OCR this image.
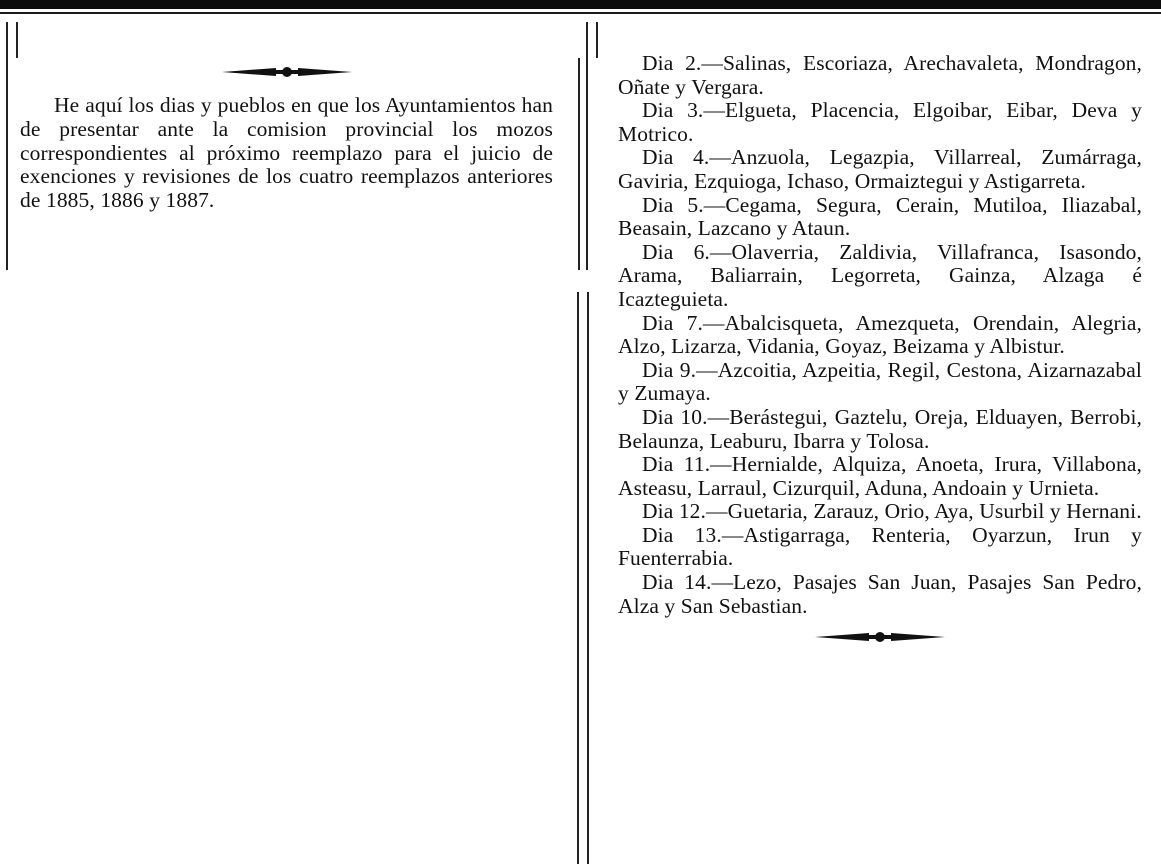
He aquí los dias y pueblos en que los Ayuntamientos han de presentar ante la comision provincial los mozos correspondientes al próximo reemplazo para el juicio de exenciones y revisiones de los cuatro reemplazos anteriores de 1885, 1886 y 1887.

Dia 2.—Salinas, Escoriaza, Arechavaleta, Mondragon, Oñate y Vergara.

Dia 3.—Elgueta, Placencia, Elgoibar, Eibar, Deva y Motrico.

Dia 4.—Anzuola, Legazpia, Villarreal, Zumárraga, Gaviria, Ezquioga, Ichaso, Ormaiztegui y Astigarreta.

Dia 5.—Cegama, Segura, Cerain, Mutiloa, Iliazabal, Beasain, Lazcano y Ataun.

Dia 6.—Olaverria, Zaldivia, Villafranca, Isasondo, Arama, Baliarrain, Legorreta, Gainza, Alzaga é Icazteguieta.

Dia 7.—Abalcisqueta, Amezqueta, Orendain, Alegria, Alzo, Lizarza, Vidania, Goyaz, Beizama y Albistur.

Dia 9.—Azcoitia, Azpeitia, Regil, Cestona, Aizarnazabal y Zumaya.

Dia 10.—Berástegui, Gaztelu, Oreja, Elduayen, Berrobi, Belaunza, Leaburu, Ibarra y Tolosa.

Dia 11.—Hernialde, Alquiza, Anoeta, Irura, Villabona, Asteasu, Larraul, Cizurquil, Aduna, Andoain y Urnieta.

Dia 12.—Guetaria, Zarauz, Orio, Aya, Usurbil y Hernani.

Dia 13.—Astigarraga, Renteria, Oyarzun, Irun y Fuenterrabia.

Dia 14.—Lezo, Pasajes San Juan, Pasajes San Pedro, Alza y San Sebastian.
